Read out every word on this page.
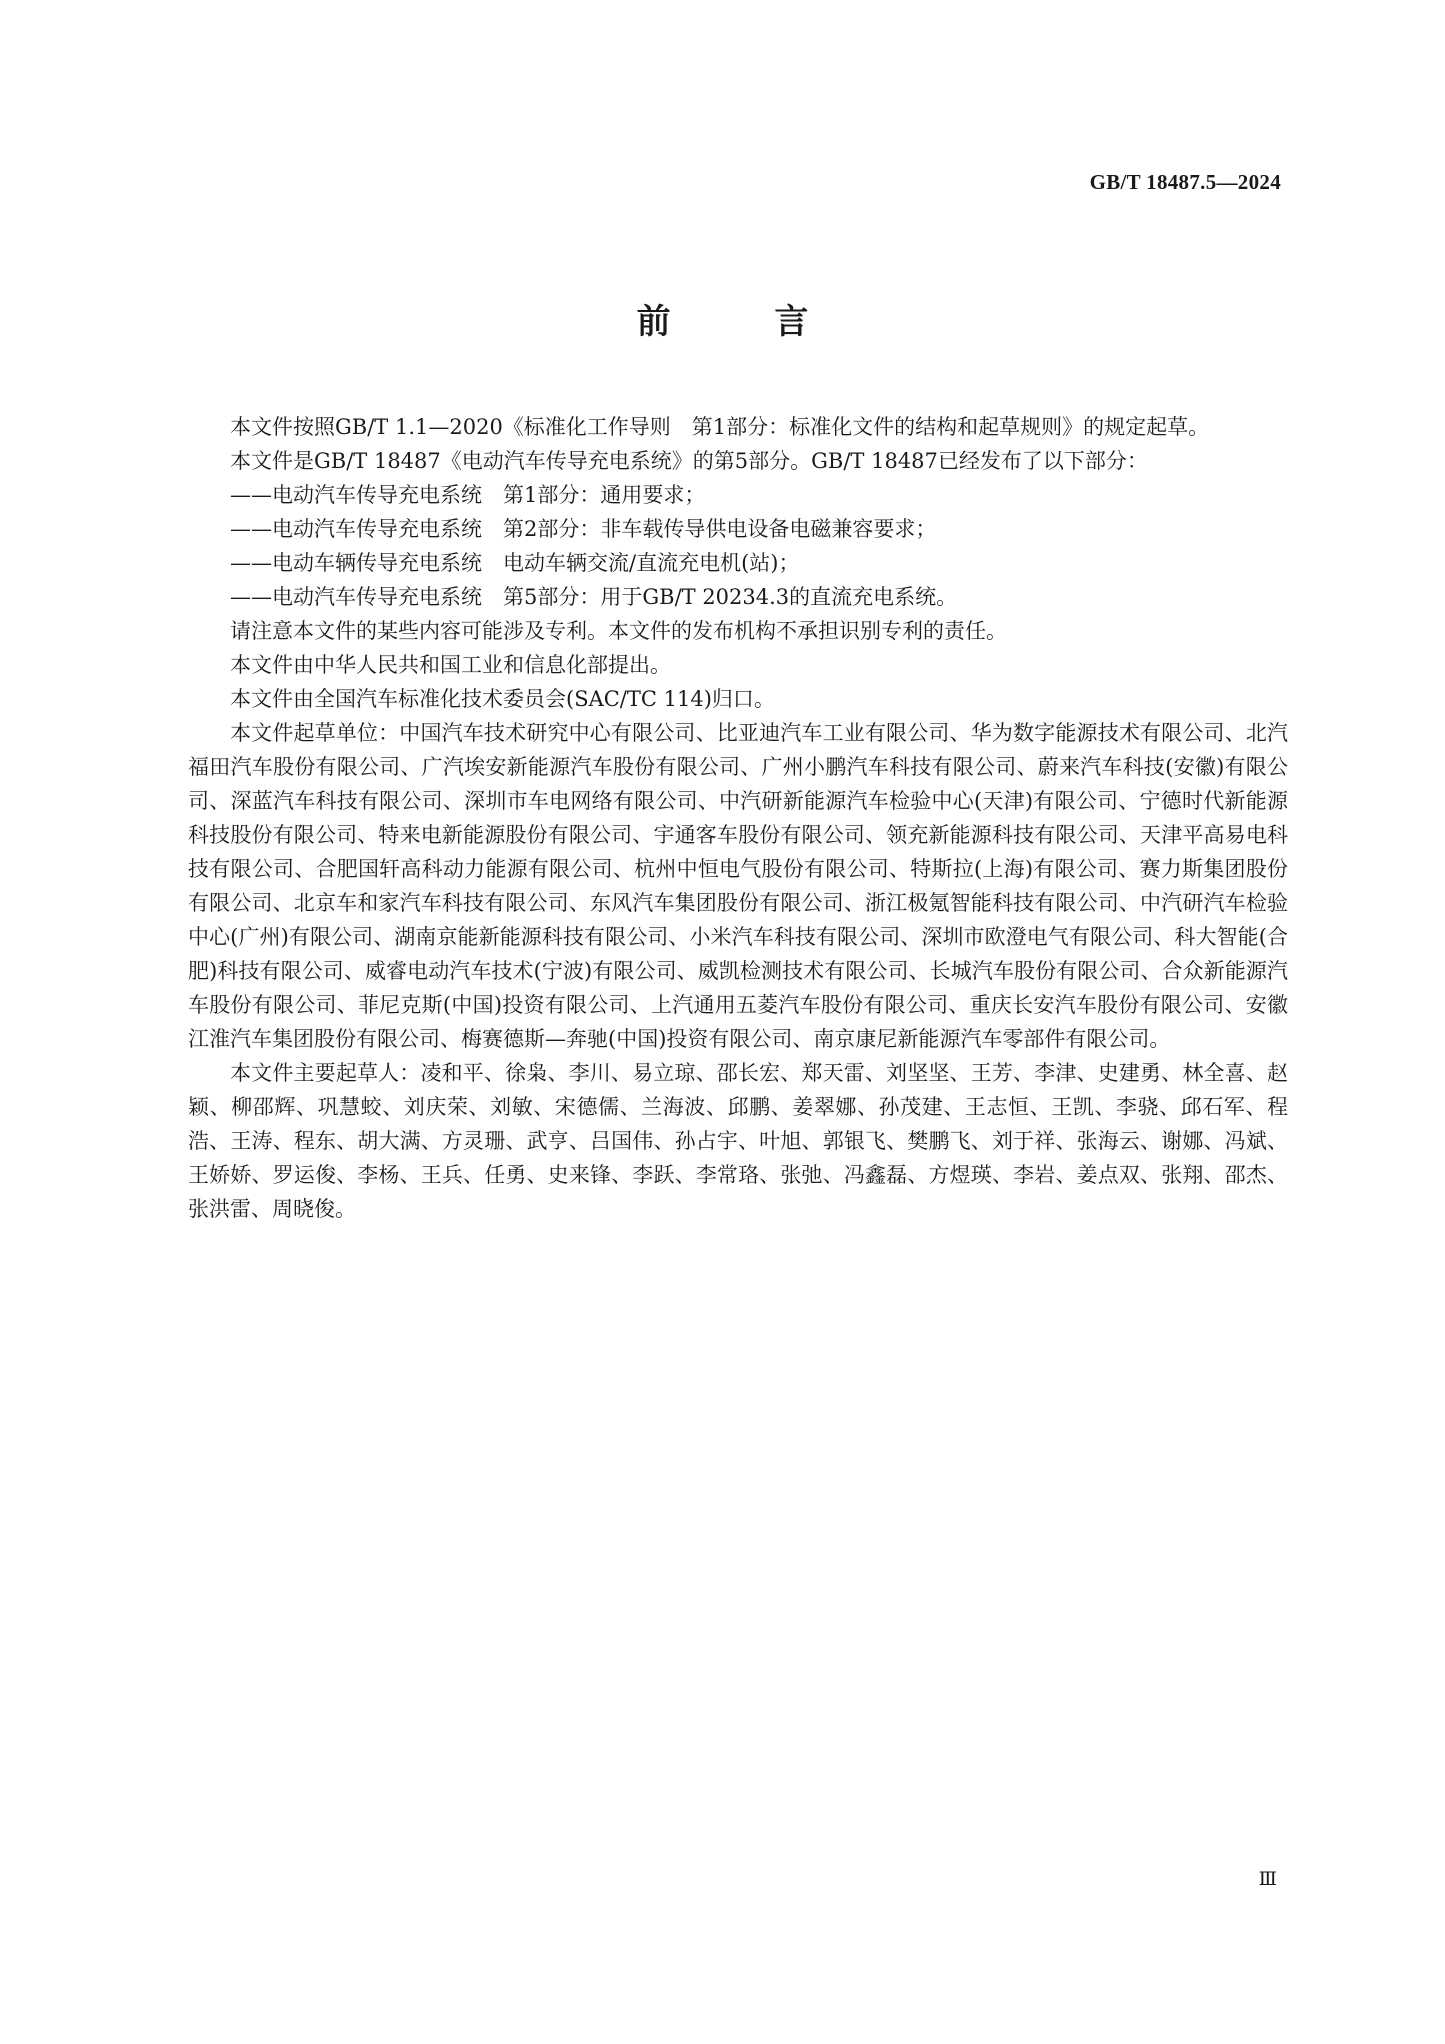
GB/T 18487.5—2024
前 言

本文件按照GB/T 1.1—2020《标准化工作导则　第1部分：标准化文件的结构和起草规则》的规定起草。

本文件是GB/T 18487《电动汽车传导充电系统》的第5部分。GB/T 18487已经发布了以下部分：

——电动汽车传导充电系统　第1部分：通用要求；

——电动汽车传导充电系统　第2部分：非车载传导供电设备电磁兼容要求；

——电动车辆传导充电系统　电动车辆交流/直流充电机(站)；

——电动汽车传导充电系统　第5部分：用于GB/T 20234.3的直流充电系统。

请注意本文件的某些内容可能涉及专利。本文件的发布机构不承担识别专利的责任。

本文件由中华人民共和国工业和信息化部提出。

本文件由全国汽车标准化技术委员会(SAC/TC 114)归口。

本文件起草单位：中国汽车技术研究中心有限公司、比亚迪汽车工业有限公司、华为数字能源技术有限公司、北汽福田汽车股份有限公司、广汽埃安新能源汽车股份有限公司、广州小鹏汽车科技有限公司、蔚来汽车科技(安徽)有限公司、深蓝汽车科技有限公司、深圳市车电网络有限公司、中汽研新能源汽车检验中心(天津)有限公司、宁德时代新能源科技股份有限公司、特来电新能源股份有限公司、宇通客车股份有限公司、领充新能源科技有限公司、天津平高易电科技有限公司、合肥国轩高科动力能源有限公司、杭州中恒电气股份有限公司、特斯拉(上海)有限公司、赛力斯集团股份有限公司、北京车和家汽车科技有限公司、东风汽车集团股份有限公司、浙江极氪智能科技有限公司、中汽研汽车检验中心(广州)有限公司、湖南京能新能源科技有限公司、小米汽车科技有限公司、深圳市欧澄电气有限公司、科大智能(合肥)科技有限公司、威睿电动汽车技术(宁波)有限公司、威凯检测技术有限公司、长城汽车股份有限公司、合众新能源汽车股份有限公司、菲尼克斯(中国)投资有限公司、上汽通用五菱汽车股份有限公司、重庆长安汽车股份有限公司、安徽江淮汽车集团股份有限公司、梅赛德斯—奔驰(中国)投资有限公司、南京康尼新能源汽车零部件有限公司。

本文件主要起草人：凌和平、徐枭、李川、易立琼、邵长宏、郑天雷、刘坚坚、王芳、李津、史建勇、林全喜、赵颖、柳邵辉、巩慧蛟、刘庆荣、刘敏、宋德儒、兰海波、邱鹏、姜翠娜、孙茂建、王志恒、王凯、李骁、邱石军、程浩、王涛、程东、胡大满、方灵珊、武亨、吕国伟、孙占宇、叶旭、郭银飞、樊鹏飞、刘于祥、张海云、谢娜、冯斌、王娇娇、罗运俊、李杨、王兵、任勇、史来锋、李跃、李常珞、张弛、冯鑫磊、方煜瑛、李岩、姜点双、张翔、邵杰、张洪雷、周晓俊。

Ⅲ
